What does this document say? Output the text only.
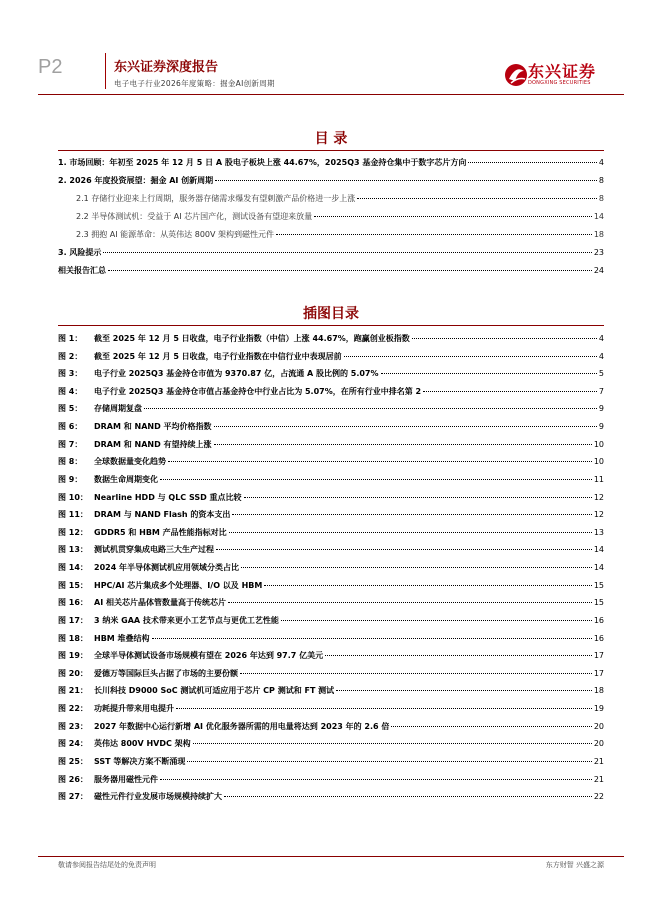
P2	东兴证券深度报告
电子电子行业2026年度策略：掘金AI创新周期
东兴证券
DONGXING SECURITIES
目 录
1. 市场回顾：年初至 2025 年 12 月 5 日 A 股电子板块上涨 44.67%，2025Q3 基金持仓集中于数字芯片方向	4
2. 2026 年度投资展望：掘金 AI 创新周期	8
2.1 存储行业迎来上行周期，服务器存储需求爆发有望刺激产品价格进一步上涨	8
2.2 半导体测试机：受益于 AI 芯片国产化，测试设备有望迎来放量	14
2.3 拥抱 AI 能源革命：从英伟达 800V 架构到磁性元件	18
3. 风险提示	23
相关报告汇总	24
插图目录
图 1：	截至 2025 年 12 月 5 日收盘，电子行业指数（中信）上涨 44.67%，跑赢创业板指数	4
图 2：	截至 2025 年 12 月 5 日收盘，电子行业指数在中信行业中表现居前	4
图 3：	电子行业 2025Q3 基金持仓市值为 9370.87 亿，占流通 A 股比例的 5.07%	5
图 4：	电子行业 2025Q3 基金持仓市值占基金持仓中行业占比为 5.07%，在所有行业中排名第 2	7
图 5：	存储周期复盘	9
图 6：	DRAM 和 NAND 平均价格指数	9
图 7：	DRAM 和 NAND 有望持续上涨	10
图 8：	全球数据量变化趋势	10
图 9：	数据生命周期变化	11
图 10： Nearline HDD 与 QLC SSD 重点比较	12
图 11： DRAM 与 NAND Flash 的资本支出	12
图 12： GDDR5 和 HBM 产品性能指标对比	13
图 13： 测试机贯穿集成电路三大生产过程	14
图 14： 2024 年半导体测试机应用领域分类占比	14
图 15： HPC/AI 芯片集成多个处理器、I/O 以及 HBM	15
图 16： AI 相关芯片晶体管数量高于传统芯片	15
图 17： 3 纳米 GAA 技术带来更小工艺节点与更优工艺性能	16
图 18： HBM 堆叠结构	16
图 19： 全球半导体测试设备市场规模有望在 2026 年达到 97.7 亿美元	17
图 20： 爱德万等国际巨头占据了市场的主要份额	17
图 21： 长川科技 D9000 SoC 测试机可适应用于芯片 CP 测试和 FT 测试	18
图 22： 功耗提升带来用电提升	19
图 23： 2027 年数据中心运行新增 AI 优化服务器所需的用电量将达到 2023 年的 2.6 倍	20
图 24： 英伟达 800V HVDC 架构	20
图 25： SST 等解决方案不断涌现	21
图 26： 服务器用磁性元件	21
图 27： 磁性元件行业发展市场规模持续扩大	22
敬请参阅报告结尾处的免责声明	东方财智 兴盛之源
